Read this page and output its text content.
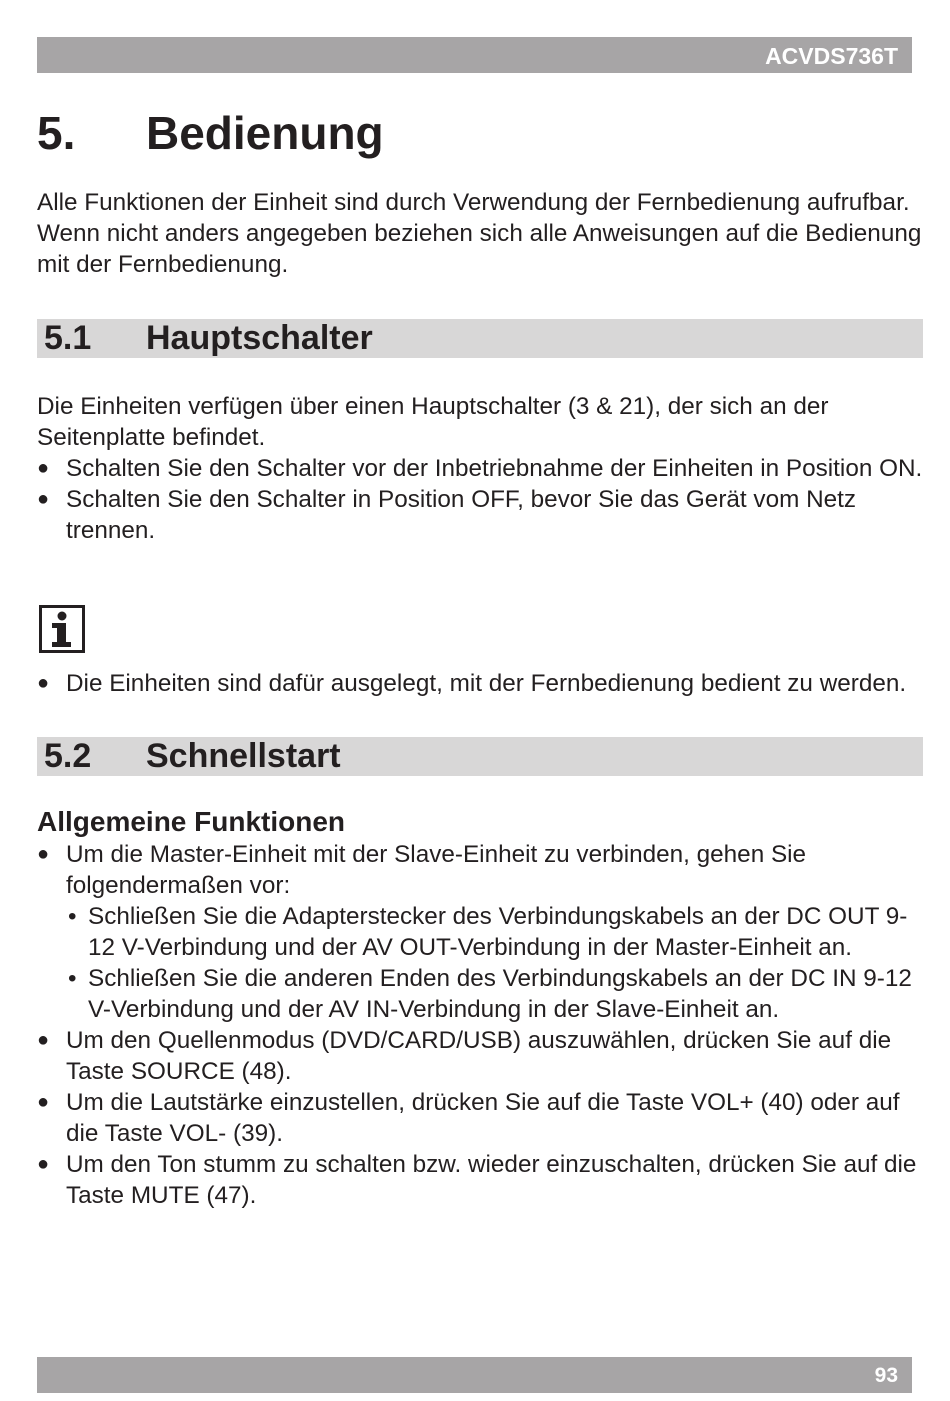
ACVDS736T
5. Bedienung

Alle Funktionen der Einheit sind durch Verwendung der Fernbedienung aufrufbar. Wenn nicht anders angegeben beziehen sich alle Anweisungen auf die Bedienung mit der Fernbedienung.

5.1 Hauptschalter

Die Einheiten verfügen über einen Hauptschalter (3 & 21), der sich an der Seitenplatte befindet.

● Schalten Sie den Schalter vor der Inbetriebnahme der Einheiten in Position ON.
● Schalten Sie den Schalter in Position OFF, bevor Sie das Gerät vom Netz trennen.
● Die Einheiten sind dafür ausgelegt, mit der Fernbedienung bedient zu werden.
5.2 Schnellstart
Allgemeine Funktionen
● Um die Master-Einheit mit der Slave-Einheit zu verbinden, gehen Sie folgendermaßen vor:
• Schließen Sie die Adapterstecker des Verbindungskabels an der DC OUT 9-12 V-Verbindung und der AV OUT-Verbindung in der Master-Einheit an.
• Schließen Sie die anderen Enden des Verbindungskabels an der DC IN 9-12 V-Verbindung und der AV IN-Verbindung in der Slave-Einheit an.
● Um den Quellenmodus (DVD/CARD/USB) auszuwählen, drücken Sie auf die Taste SOURCE (48).
● Um die Lautstärke einzustellen, drücken Sie auf die Taste VOL+ (40) oder auf die Taste VOL- (39).
● Um den Ton stumm zu schalten bzw. wieder einzuschalten, drücken Sie auf die Taste MUTE (47).
93
